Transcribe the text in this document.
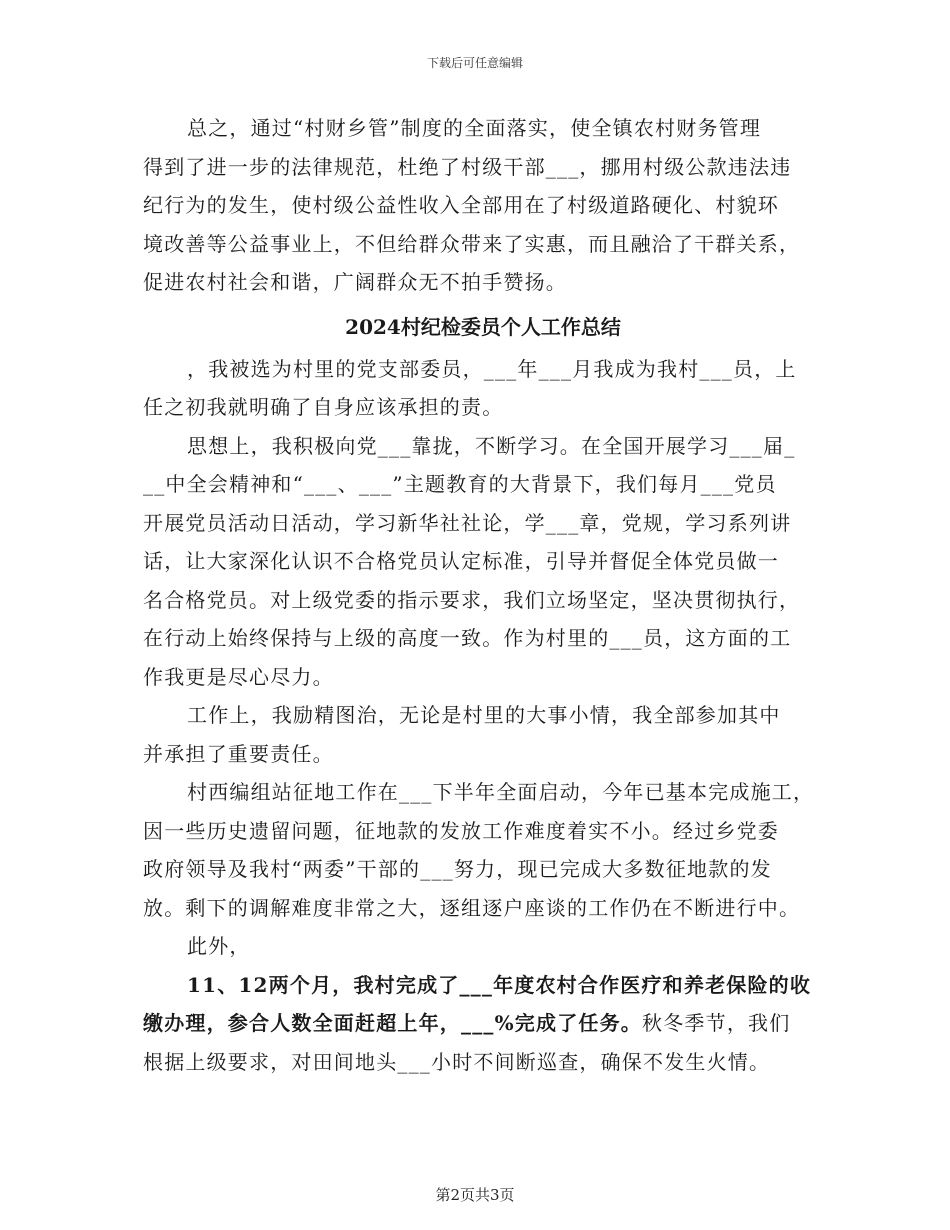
下载后可任意编辑
总之，通过“村财乡管”制度的全面落实，使全镇农村财务管理
得到了进一步的法律规范，杜绝了村级干部___，挪用村级公款违法违
纪行为的发生，使村级公益性收入全部用在了村级道路硬化、村貌环
境改善等公益事业上，不但给群众带来了实惠，而且融洽了干群关系，
促进农村社会和谐，广阔群众无不拍手赞扬。
2024村纪检委员个人工作总结
，我被选为村里的党支部委员，___年___月我成为我村___员，上
任之初我就明确了自身应该承担的责。
思想上，我积极向党___靠拢，不断学习。在全国开展学习___届_
__中全会精神和“___、___”主题教育的大背景下，我们每月___党员
开展党员活动日活动，学习新华社社论，学___章，党规，学习系列讲
话，让大家深化认识不合格党员认定标准，引导并督促全体党员做一
名合格党员。对上级党委的指示要求，我们立场坚定，坚决贯彻执行，
在行动上始终保持与上级的高度一致。作为村里的___员，这方面的工
作我更是尽心尽力。
工作上，我励精图治，无论是村里的大事小情，我全部参加其中
并承担了重要责任。
村西编组站征地工作在___下半年全面启动，今年已基本完成施工，
因一些历史遗留问题，征地款的发放工作难度着实不小。经过乡党委
政府领导及我村“两委”干部的___努力，现已完成大多数征地款的发
放。剩下的调解难度非常之大，逐组逐户座谈的工作仍在不断进行中。
此外，
11、12两个月，我村完成了___年度农村合作医疗和养老保险的收
缴办理，参合人数全面赶超上年，___%完成了任务。秋冬季节，我们
根据上级要求，对田间地头___小时不间断巡查，确保不发生火情。
第2页共3页
